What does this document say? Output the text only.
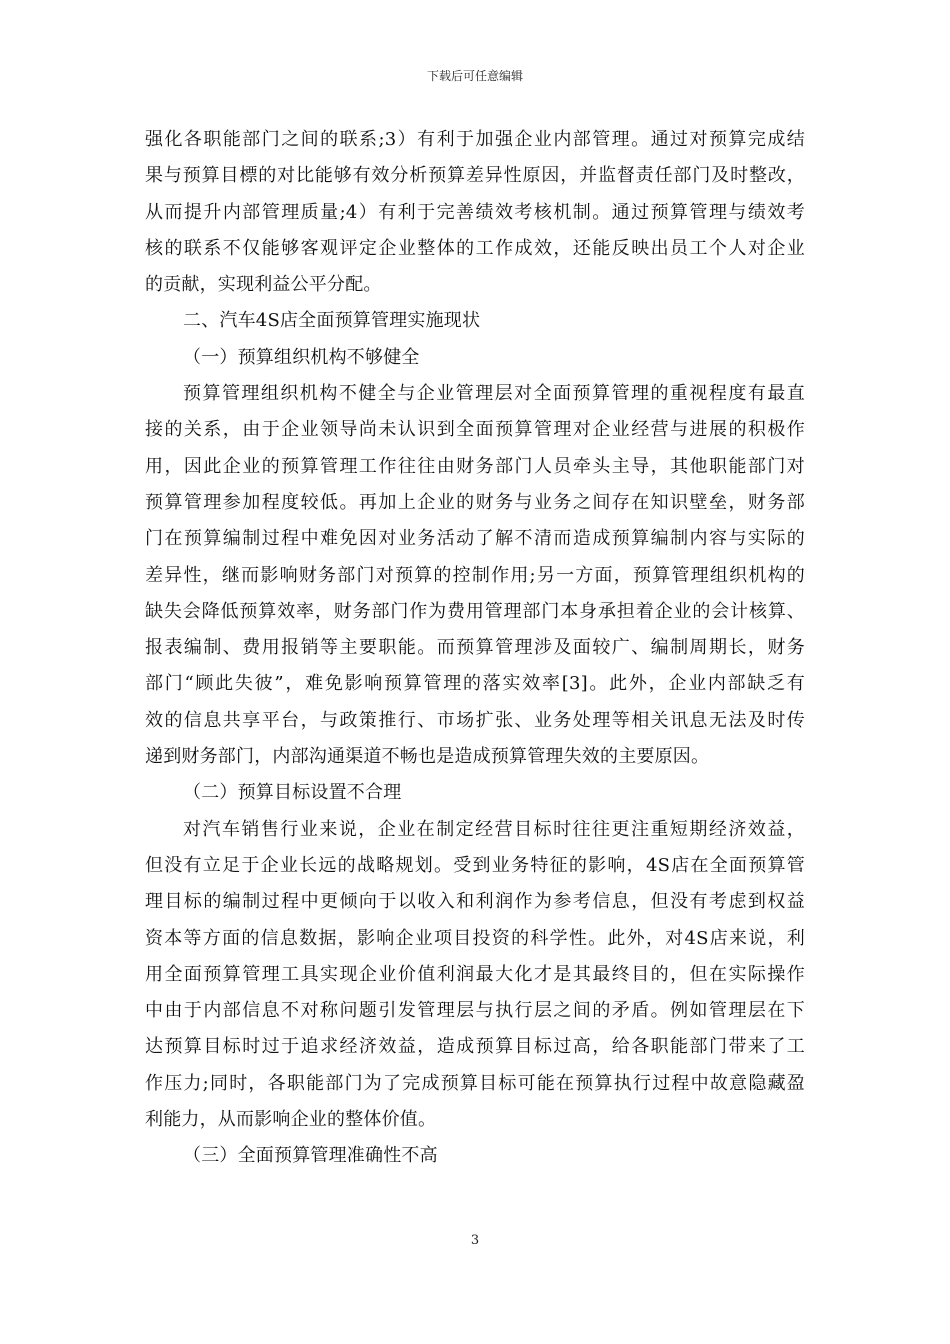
下载后可任意编辑
强化各职能部门之间的联系;3）有利于加强企业内部管理。通过对预算完成结
果与预算目標的对比能够有效分析预算差异性原因，并监督责任部门及时整改，
从而提升内部管理质量;4）有利于完善绩效考核机制。通过预算管理与绩效考
核的联系不仅能够客观评定企业整体的工作成效，还能反映出员工个人对企业
的贡献，实现利益公平分配。
二、汽车4S店全面预算管理实施现状
（一）预算组织机构不够健全
预算管理组织机构不健全与企业管理层对全面预算管理的重视程度有最直
接的关系，由于企业领导尚未认识到全面预算管理对企业经营与进展的积极作
用，因此企业的预算管理工作往往由财务部门人员牵头主导，其他职能部门对
预算管理参加程度较低。再加上企业的财务与业务之间存在知识壁垒，财务部
门在预算编制过程中难免因对业务活动了解不清而造成预算编制内容与实际的
差异性，继而影响财务部门对预算的控制作用;另一方面，预算管理组织机构的
缺失会降低预算效率，财务部门作为费用管理部门本身承担着企业的会计核算、
报表编制、费用报销等主要职能。而预算管理涉及面较广、编制周期长，财务
部门“顾此失彼”，难免影响预算管理的落实效率[3]。此外，企业内部缺乏有
效的信息共享平台，与政策推行、市场扩张、业务处理等相关讯息无法及时传
递到财务部门，内部沟通渠道不畅也是造成预算管理失效的主要原因。
（二）预算目标设置不合理
对汽车销售行业来说，企业在制定经营目标时往往更注重短期经济效益，
但没有立足于企业长远的战略规划。受到业务特征的影响，4S店在全面预算管
理目标的编制过程中更倾向于以收入和利润作为参考信息，但没有考虑到权益
资本等方面的信息数据，影响企业项目投资的科学性。此外，对4S店来说，利
用全面预算管理工具实现企业价值利润最大化才是其最终目的，但在实际操作
中由于内部信息不对称问题引发管理层与执行层之间的矛盾。例如管理层在下
达预算目标时过于追求经济效益，造成预算目标过高，给各职能部门带来了工
作压力;同时，各职能部门为了完成预算目标可能在预算执行过程中故意隐藏盈
利能力，从而影响企业的整体价值。
（三）全面预算管理准确性不高
3
